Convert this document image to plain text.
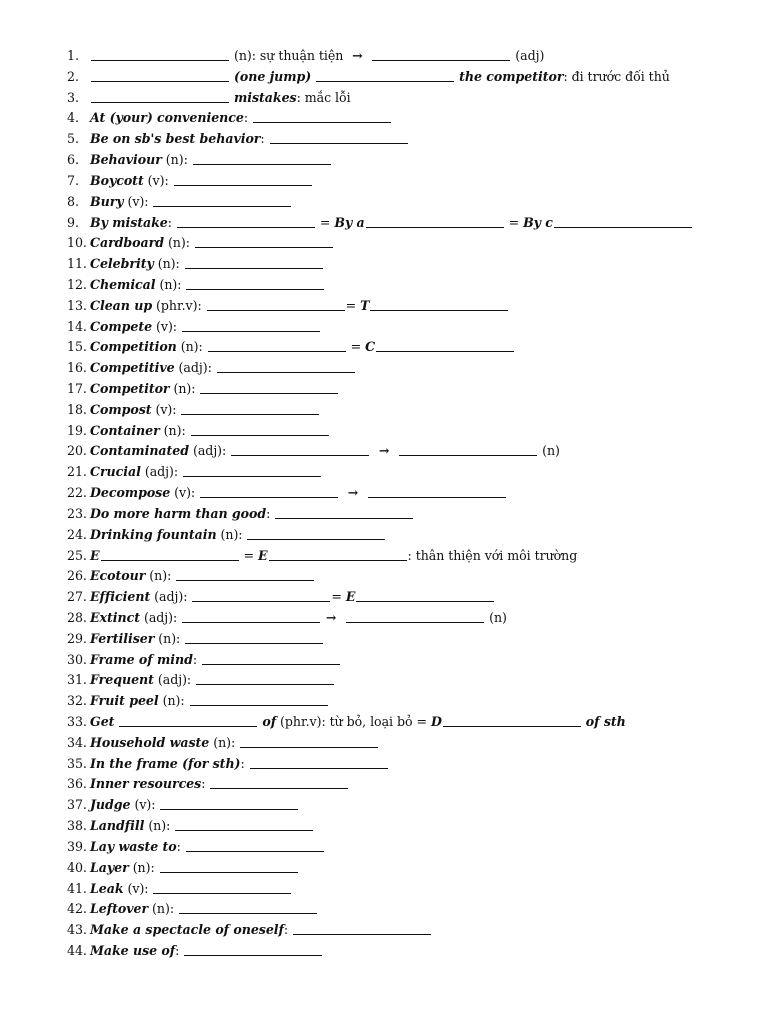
1.	(n): sự thuận tiện →	(adj)
2.	(one jump)	the competitor: đi trước đối thủ
3.	mistakes: mắc lỗi
4. At (your) convenience:
5. Be on sb's best behavior:
6. Behaviour (n):
7. Boycott (v):
8. Bury (v):
9. By mistake:	= By a	= By c
10. Cardboard (n):
11. Celebrity (n):
12. Chemical (n):
13. Clean up (phr.v):	= T
14. Compete (v):
15. Competition (n):	= C
16. Competitive (adj):
17. Competitor (n):
18. Compost (v):
19. Container (n):
20. Contaminated (adj):	→	(n)
21. Crucial (adj):
22. Decompose (v):	→
23. Do more harm than good:
24. Drinking fountain (n):
25. E	= E	: thân thiện với môi trường
26. Ecotour (n):
27. Efficient (adj):	= E
28. Extinct (adj):	→	(n)
29. Fertiliser (n):
30. Frame of mind:
31. Frequent (adj):
32. Fruit peel (n):
33. Get	of (phr.v): từ bỏ, loại bỏ = D	of sth
34. Household waste (n):
35. In the frame (for sth):
36. Inner resources:
37. Judge (v):
38. Landfill (n):
39. Lay waste to:
40. Layer (n):
41. Leak (v):
42. Leftover (n):
43. Make a spectacle of oneself:
44. Make use of:
